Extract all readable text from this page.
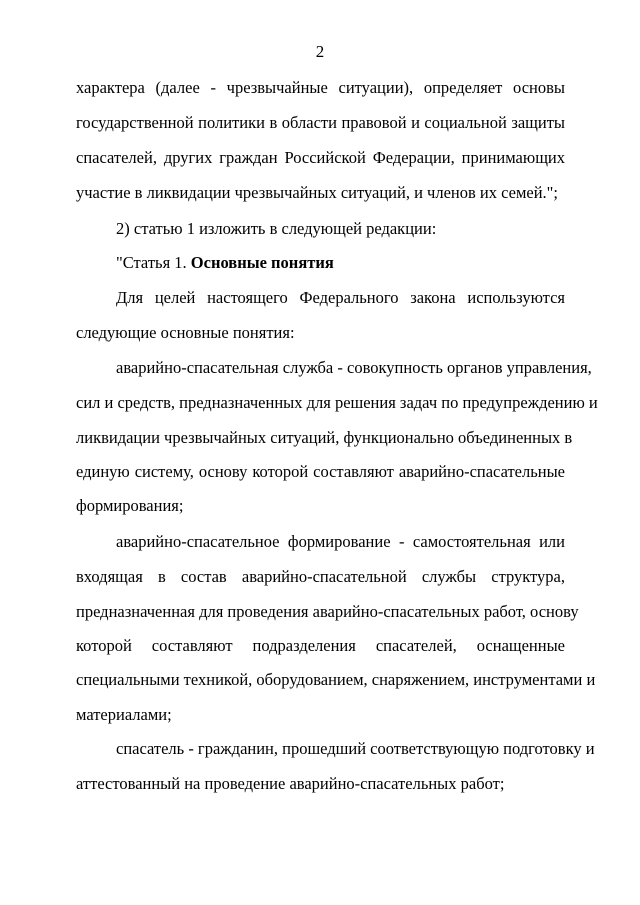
2
характера (далее - чрезвычайные ситуации), определяет основы
государственной политики в области правовой и социальной защиты
спасателей, других граждан Российской Федерации, принимающих
участие в ликвидации чрезвычайных ситуаций, и членов их семей.";
2) статью 1 изложить в следующей редакции:
"Статья 1. Основные понятия
Для целей настоящего Федерального закона используются
следующие основные понятия:
аварийно-спасательная служба - совокупность органов управления,
сил и средств, предназначенных для решения задач по предупреждению и
ликвидации чрезвычайных ситуаций, функционально объединенных в
единую систему, основу которой составляют аварийно-спасательные
формирования;
аварийно-спасательное формирование - самостоятельная или
входящая в состав аварийно-спасательной службы структура,
предназначенная для проведения аварийно-спасательных работ, основу
которой составляют подразделения спасателей, оснащенные
специальными техникой, оборудованием, снаряжением, инструментами и
материалами;
спасатель - гражданин, прошедший соответствующую подготовку и
аттестованный на проведение аварийно-спасательных работ;
